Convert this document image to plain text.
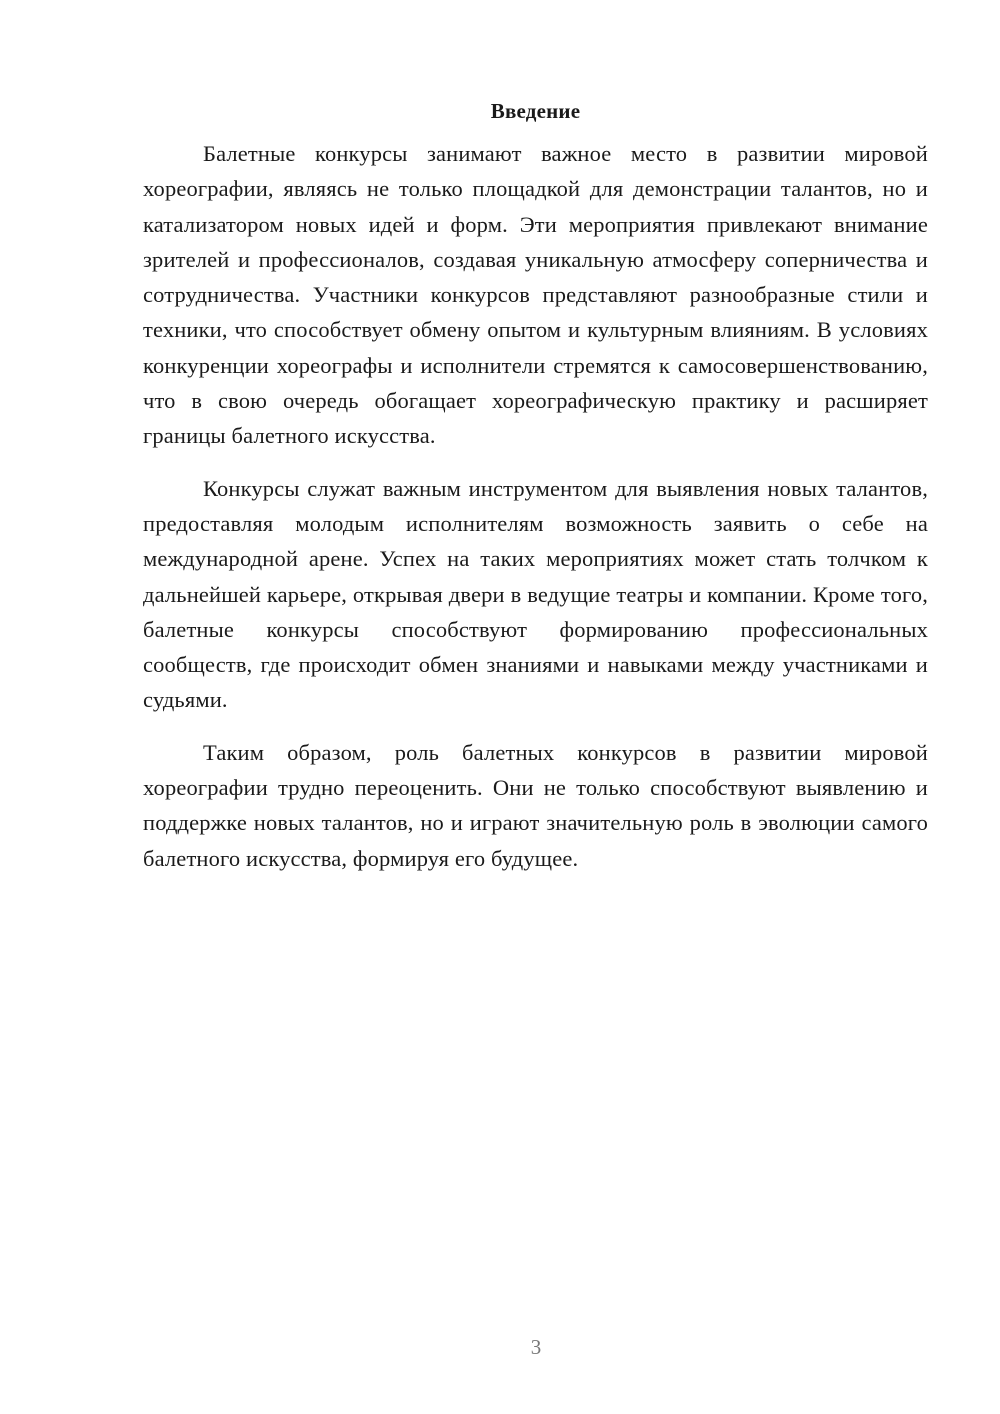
Введение

Балетные конкурсы занимают важное место в развитии мировой хореографии, являясь не только площадкой для демонстрации талантов, но и катализатором новых идей и форм. Эти мероприятия привлекают внимание зрителей и профессионалов, создавая уникальную атмосферу соперничества и сотрудничества. Участники конкурсов представляют разнообразные стили и техники, что способствует обмену опытом и культурным влияниям. В условиях конкуренции хореографы и исполнители стремятся к самосовершенствованию, что в свою очередь обогащает хореографическую практику и расширяет границы балетного искусства.

Конкурсы служат важным инструментом для выявления новых талантов, предоставляя молодым исполнителям возможность заявить о себе на международной арене. Успех на таких мероприятиях может стать толчком к дальнейшей карьере, открывая двери в ведущие театры и компании. Кроме того, балетные конкурсы способствуют формированию профессиональных сообществ, где происходит обмен знаниями и навыками между участниками и судьями.

Таким образом, роль балетных конкурсов в развитии мировой хореографии трудно переоценить. Они не только способствуют выявлению и поддержке новых талантов, но и играют значительную роль в эволюции самого балетного искусства, формируя его будущее.

3
